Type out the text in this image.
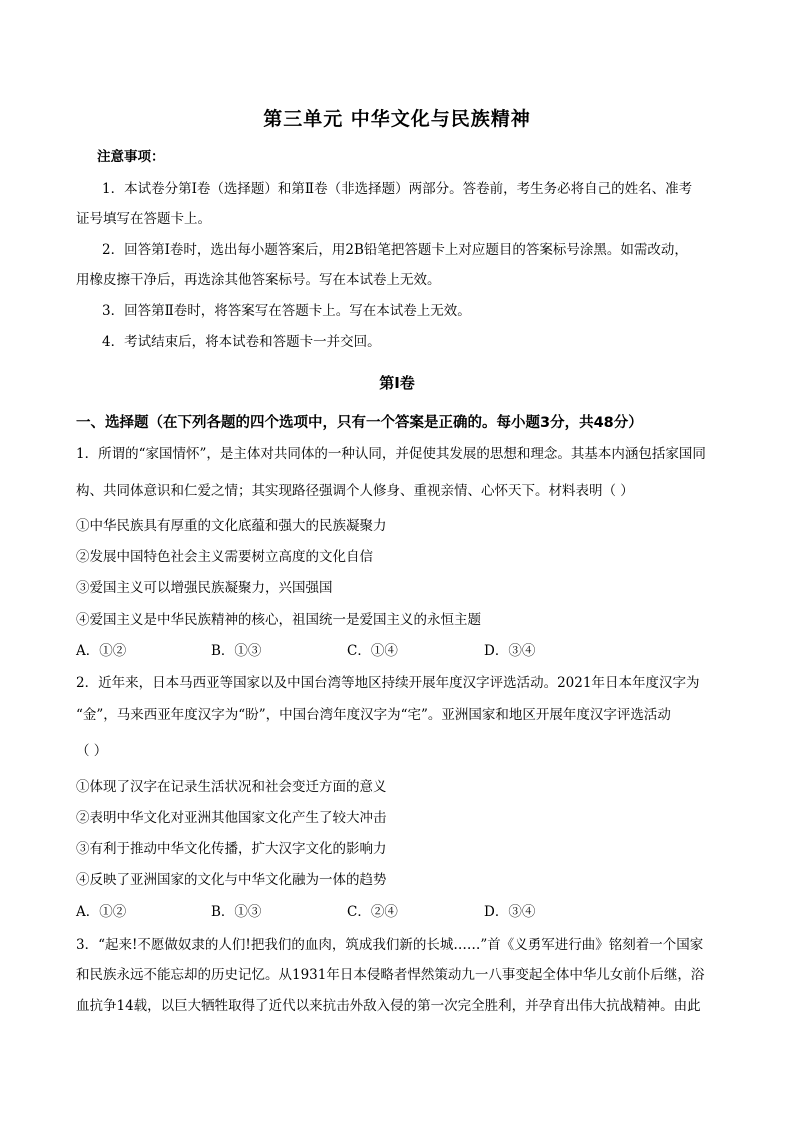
第三单元 中华文化与民族精神
注意事项：
1．本试卷分第Ⅰ卷（选择题）和第Ⅱ卷（非选择题）两部分。答卷前，考生务必将自己的姓名、准考
证号填写在答题卡上。
2．回答第Ⅰ卷时，选出每小题答案后，用2B铅笔把答题卡上对应题目的答案标号涂黑。如需改动，
用橡皮擦干净后，再选涂其他答案标号。写在本试卷上无效。
3．回答第Ⅱ卷时，将答案写在答题卡上。写在本试卷上无效。
4．考试结束后，将本试卷和答题卡一并交回。
第Ⅰ卷
一、选择题（在下列各题的四个选项中，只有一个答案是正确的。每小题3分，共48分）
1．所谓的“家国情怀”，是主体对共同体的一种认同，并促使其发展的思想和理念。其基本内涵包括家国同
构、共同体意识和仁爱之情；其实现路径强调个人修身、重视亲情、心怀天下。材料表明（ ）
①中华民族具有厚重的文化底蕴和强大的民族凝聚力
②发展中国特色社会主义需要树立高度的文化自信
③爱国主义可以增强民族凝聚力，兴国强国
④爱国主义是中华民族精神的核心，祖国统一是爱国主义的永恒主题
A．①②	B．①③	C．①④	D．③④
2．近年来，日本马西亚等国家以及中国台湾等地区持续开展年度汉字评选活动。2021年日本年度汉字为
“金”，马来西亚年度汉字为“盼”，中国台湾年度汉字为“宅”。亚洲国家和地区开展年度汉字评选活动
（ ）
①体现了汉字在记录生活状况和社会变迁方面的意义
②表明中华文化对亚洲其他国家文化产生了较大冲击
③有利于推动中华文化传播，扩大汉字文化的影响力
④反映了亚洲国家的文化与中华文化融为一体的趋势
A．①②	B．①③	C．②④	D．③④
3．“起来!不愿做奴隶的人们!把我们的血肉，筑成我们新的长城……”首《义勇军进行曲》铭刻着一个国家
和民族永远不能忘却的历史记忆。从1931年日本侵略者悍然策动九一八事变起全体中华儿女前仆后继，浴
血抗争14载，以巨大牺牲取得了近代以来抗击外敌入侵的第一次完全胜利，并孕育出伟大抗战精神。由此
